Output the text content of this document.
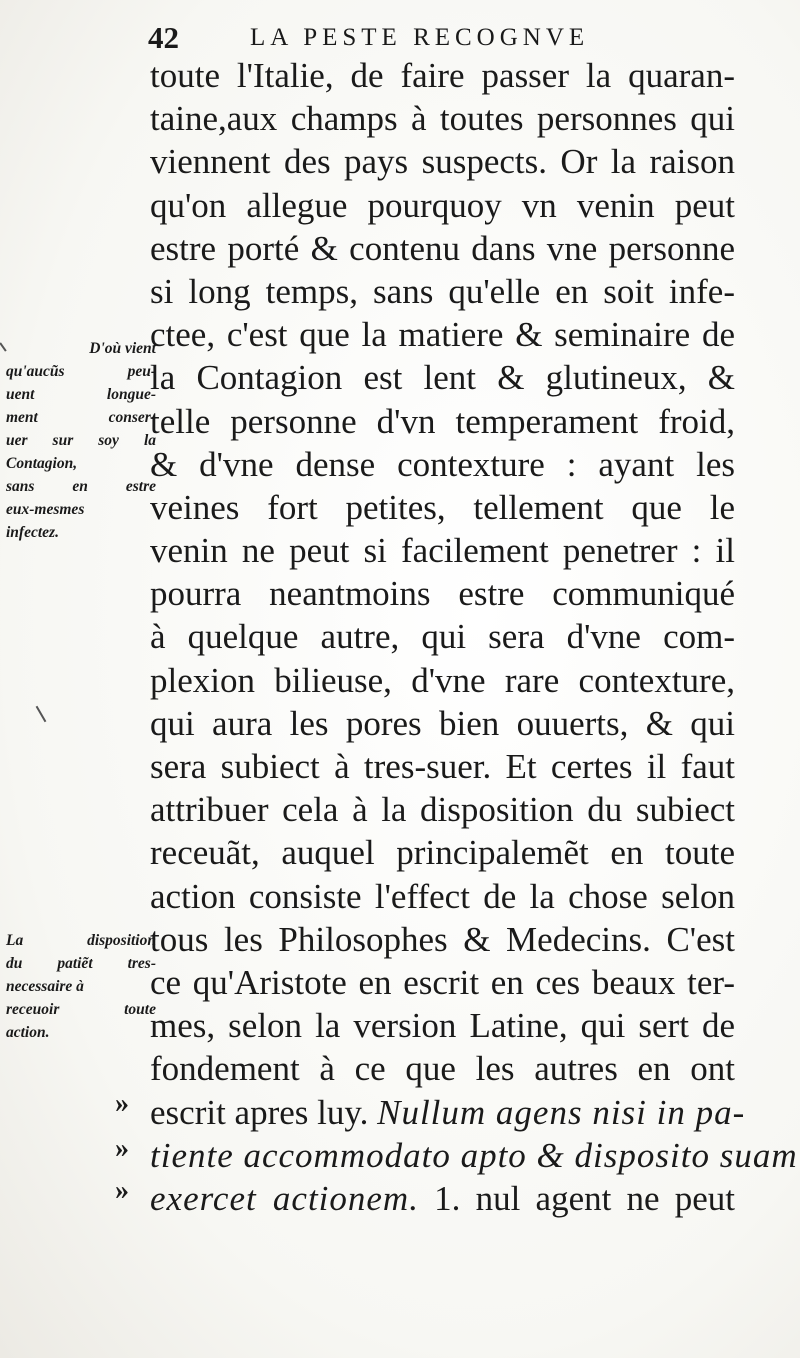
42	LA PESTE RECOGNVE
toute l'Italie, de faire passer la quaran-
taine,aux champs à toutes personnes qui
viennent des pays suspects. Or la raison
qu'on allegue pourquoy vn venin peut
estre porté & contenu dans vne personne
si long temps, sans qu'elle en soit infe-
ctee, c'est que la matiere & seminaire de
la Contagion est lent & glutineux, &
telle personne d'vn temperament froid,
& d'vne dense contexture : ayant les
veines fort petites, tellement que le
venin ne peut si facilement penetrer : il
pourra neantmoins estre communiqué
à quelque autre, qui sera d'vne com-
plexion bilieuse, d'vne rare contexture,
qui aura les pores bien ouuerts, & qui
sera subiect à tres-suer. Et certes il faut
attribuer cela à la disposition du subiect
receuãt, auquel principalemẽt en toute
action consiste l'effect de la chose selon
tous les Philosophes & Medecins. C'est
ce qu'Aristote en escrit en ces beaux ter-
mes, selon la version Latine, qui sert de
fondement à ce que les autres en ont
escrit apres luy. Nullum agens nisi in pa-
tiente accommodato apto & disposito suam
exercet actionem. 1. nul agent ne peut
D'où vient
qu'aucũs peu-
uent longue-
ment conser-
uer sur soy la
Contagion,
sans en estre
eux-mesmes
infectez.
La disposition
du patiẽt tres-
necessaire à
receuoir toute
action.
»
»
»
